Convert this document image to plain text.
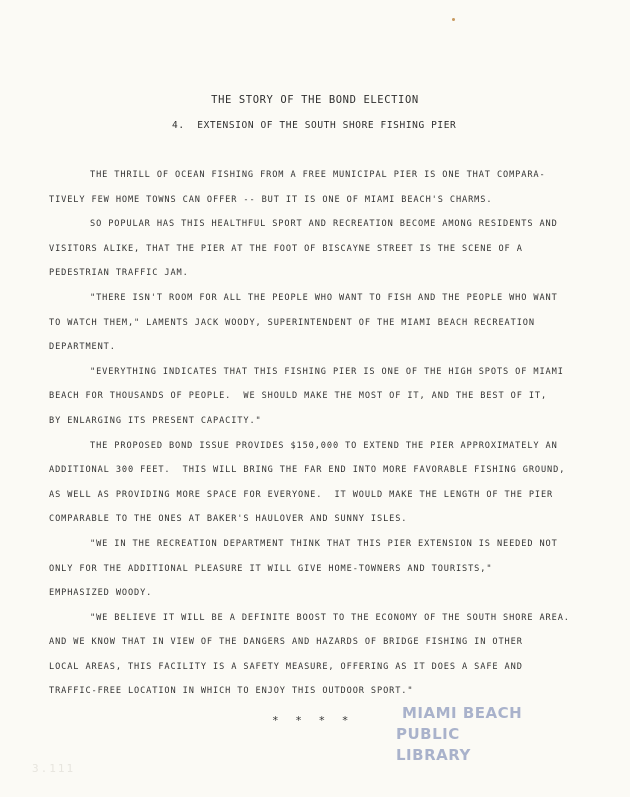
THE STORY OF THE BOND ELECTION
4.  EXTENSION OF THE SOUTH SHORE FISHING PIER
THE THRILL OF OCEAN FISHING FROM A FREE MUNICIPAL PIER IS ONE THAT COMPARA-
TIVELY FEW HOME TOWNS CAN OFFER -- BUT IT IS ONE OF MIAMI BEACH'S CHARMS.
SO POPULAR HAS THIS HEALTHFUL SPORT AND RECREATION BECOME AMONG RESIDENTS AND
VISITORS ALIKE, THAT THE PIER AT THE FOOT OF BISCAYNE STREET IS THE SCENE OF A
PEDESTRIAN TRAFFIC JAM.
"THERE ISN'T ROOM FOR ALL THE PEOPLE WHO WANT TO FISH AND THE PEOPLE WHO WANT
TO WATCH THEM," LAMENTS JACK WOODY, SUPERINTENDENT OF THE MIAMI BEACH RECREATION
DEPARTMENT.
"EVERYTHING INDICATES THAT THIS FISHING PIER IS ONE OF THE HIGH SPOTS OF MIAMI
BEACH FOR THOUSANDS OF PEOPLE.  WE SHOULD MAKE THE MOST OF IT, AND THE BEST OF IT,
BY ENLARGING ITS PRESENT CAPACITY."
THE PROPOSED BOND ISSUE PROVIDES $150,000 TO EXTEND THE PIER APPROXIMATELY AN
ADDITIONAL 300 FEET.  THIS WILL BRING THE FAR END INTO MORE FAVORABLE FISHING GROUND,
AS WELL AS PROVIDING MORE SPACE FOR EVERYONE.  IT WOULD MAKE THE LENGTH OF THE PIER
COMPARABLE TO THE ONES AT BAKER'S HAULOVER AND SUNNY ISLES.
"WE IN THE RECREATION DEPARTMENT THINK THAT THIS PIER EXTENSION IS NEEDED NOT
ONLY FOR THE ADDITIONAL PLEASURE IT WILL GIVE HOME-TOWNERS AND TOURISTS,"
EMPHASIZED WOODY.
"WE BELIEVE IT WILL BE A DEFINITE BOOST TO THE ECONOMY OF THE SOUTH SHORE AREA.
AND WE KNOW THAT IN VIEW OF THE DANGERS AND HAZARDS OF BRIDGE FISHING IN OTHER
LOCAL AREAS, THIS FACILITY IS A SAFETY MEASURE, OFFERING AS IT DOES A SAFE AND
TRAFFIC-FREE LOCATION IN WHICH TO ENJOY THIS OUTDOOR SPORT."
* * * *	MIAMI BEACH
PUBLIC LIBRARY
3.111
